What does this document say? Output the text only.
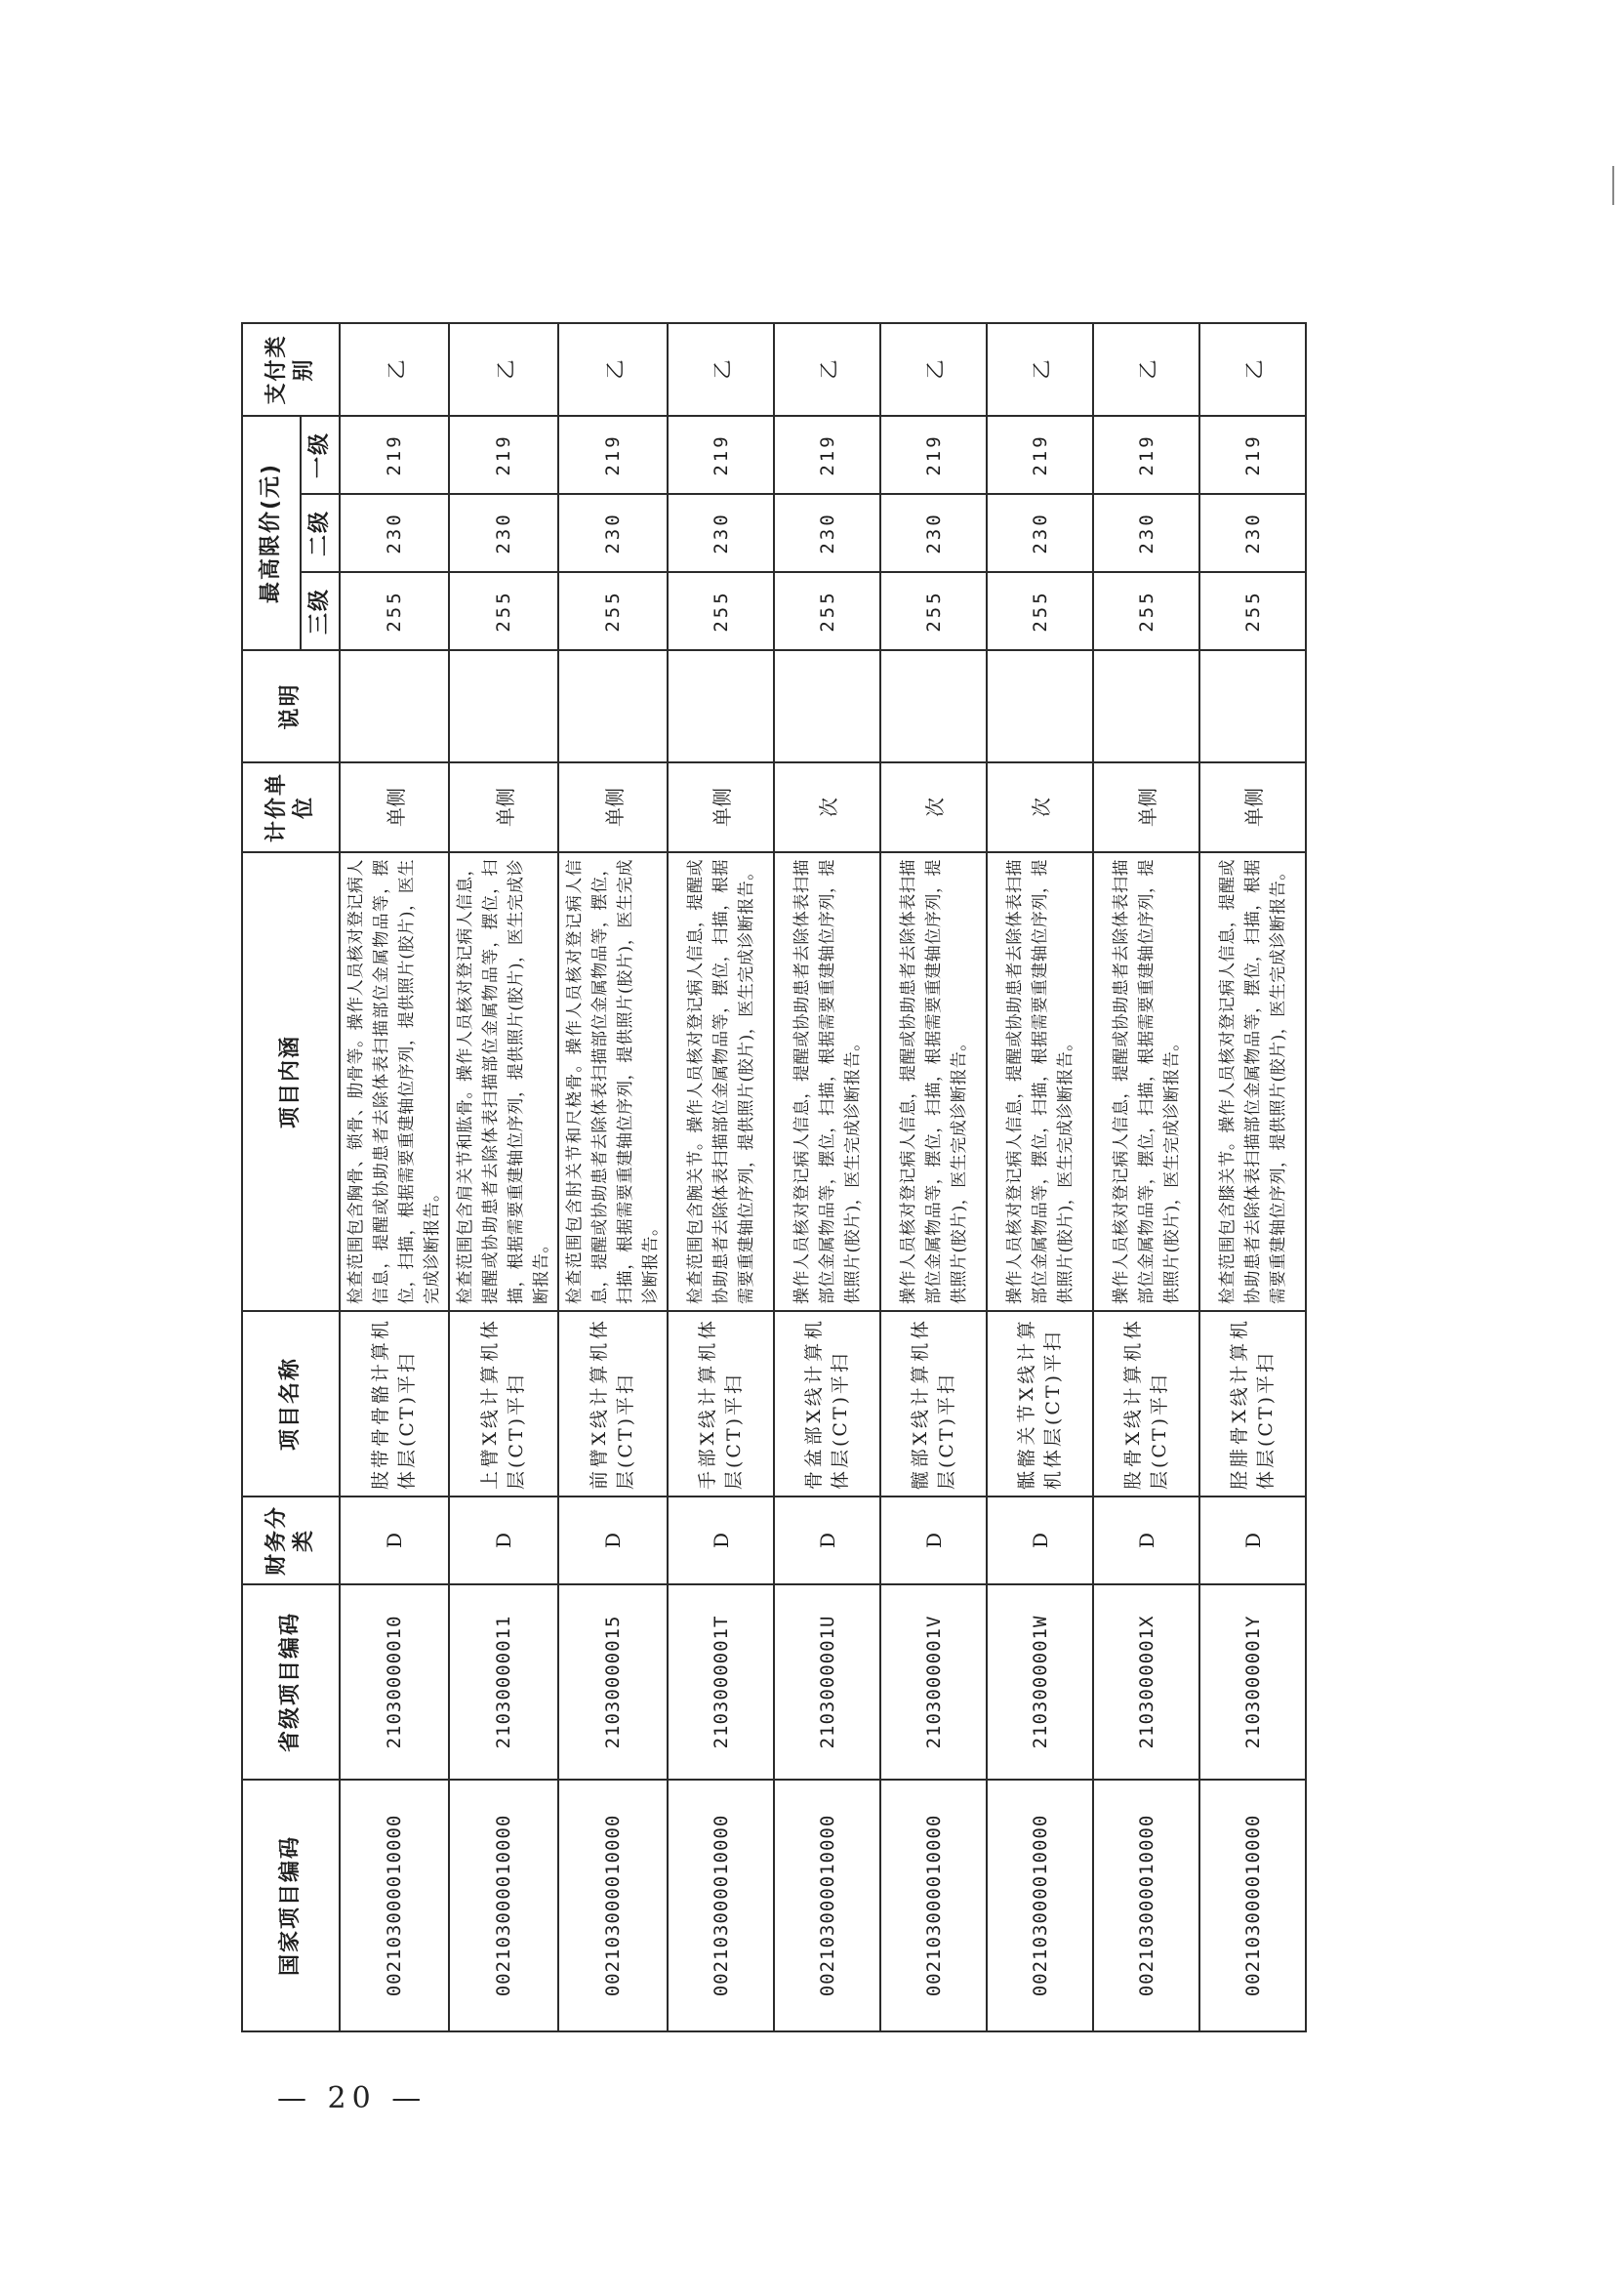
国家项目编码	省级项目编码	财务分类	项目名称	项目内涵	计价单位	说明	最高限价(元)			支付类别
							三级	二级	一级	
002103000010000	21030000010	D	肢带骨骨骼计算机体层(CT)平扫	检查范围包含胸骨、锁骨、肋骨等。操作人员核对登记病人信息，提醒或协助患者去除体表扫描部位金属物品等，摆位，扫描，根据需要重建轴位序列，提供照片(胶片)，医生完成诊断报告。	单侧		255	230	219	乙
002103000010000	21030000011	D	上臂X线计算机体层(CT)平扫	检查范围包含肩关节和肱骨。操作人员核对登记病人信息，提醒或协助患者去除体表扫描部位金属物品等，摆位，扫描，根据需要重建轴位序列，提供照片(胶片)，医生完成诊断报告。	单侧		255	230	219	乙
002103000010000	21030000015	D	前臂X线计算机体层(CT)平扫	检查范围包含肘关节和尺桡骨。操作人员核对登记病人信息，提醒或协助患者去除体表扫描部位金属物品等，摆位，扫描，根据需要重建轴位序列，提供照片(胶片)，医生完成诊断报告。	单侧		255	230	219	乙
002103000010000	2103000001T	D	手部X线计算机体层(CT)平扫	检查范围包含腕关节。操作人员核对登记病人信息，提醒或协助患者去除体表扫描部位金属物品等，摆位，扫描，根据需要重建轴位序列，提供照片(胶片)，医生完成诊断报告。	单侧		255	230	219	乙
002103000010000	2103000001U	D	骨盆部X线计算机体层(CT)平扫	操作人员核对登记病人信息，提醒或协助患者去除体表扫描部位金属物品等，摆位，扫描，根据需要重建轴位序列，提供照片(胶片)，医生完成诊断报告。	次		255	230	219	乙
002103000010000	2103000001V	D	髋部X线计算机体层(CT)平扫	操作人员核对登记病人信息，提醒或协助患者去除体表扫描部位金属物品等，摆位，扫描，根据需要重建轴位序列，提供照片(胶片)，医生完成诊断报告。	次		255	230	219	乙
002103000010000	2103000001W	D	骶髂关节X线计算机体层(CT)平扫	操作人员核对登记病人信息，提醒或协助患者去除体表扫描部位金属物品等，摆位，扫描，根据需要重建轴位序列，提供照片(胶片)，医生完成诊断报告。	次		255	230	219	乙
002103000010000	2103000001X	D	股骨X线计算机体层(CT)平扫	操作人员核对登记病人信息，提醒或协助患者去除体表扫描部位金属物品等，摆位，扫描，根据需要重建轴位序列，提供照片(胶片)，医生完成诊断报告。	单侧		255	230	219	乙
002103000010000	2103000001Y	D	胫腓骨X线计算机体层(CT)平扫	检查范围包含膝关节。操作人员核对登记病人信息，提醒或协助患者去除体表扫描部位金属物品等，摆位，扫描，根据需要重建轴位序列，提供照片(胶片)，医生完成诊断报告。	单侧		255	230	219	乙
— 20 —
